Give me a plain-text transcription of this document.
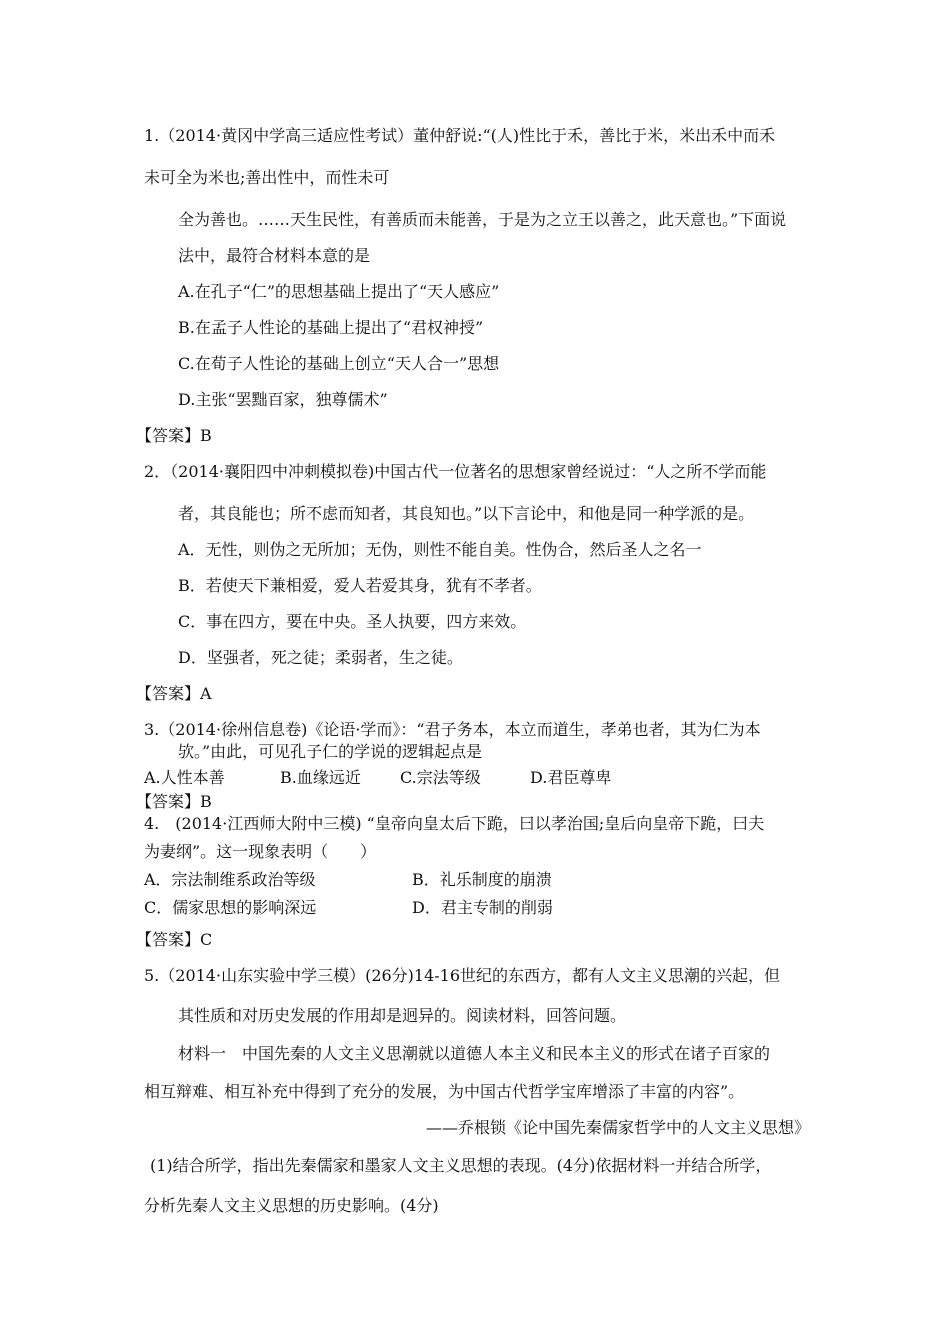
1.（2014·黄冈中学高三适应性考试）董仲舒说:“(人)性比于禾，善比于米，米出禾中而禾
未可全为米也;善出性中，而性未可
全为善也。……天生民性，有善质而未能善，于是为之立王以善之，此天意也。”下面说
法中，最符合材料本意的是
A.在孔子“仁”的思想基础上提出了“天人感应”
B.在孟子人性论的基础上提出了“君权神授”
C.在荀子人性论的基础上创立“天人合一”思想
D.主张“罢黜百家，独尊儒术”
【答案】B
2．（2014·襄阳四中冲刺模拟卷)中国古代一位著名的思想家曾经说过：“人之所不学而能
者，其良能也；所不虑而知者，其良知也。”以下言论中，和他是同一种学派的是。
A．无性，则伪之无所加；无伪，则性不能自美。性伪合，然后圣人之名一
B．若使天下兼相爱，爱人若爱其身，犹有不孝者。
C．事在四方，要在中央。圣人执要，四方来效。
D．坚强者，死之徒；柔弱者，生之徒。
【答案】A
3.（2014·徐州信息卷)《论语·学而》：“君子务本，本立而道生，孝弟也者，其为仁为本
欤。”由此，可见孔子仁的学说的逻辑起点是
A.人性本善	B.血缘远近 C.宗法等级	D.君臣尊卑
【答案】B
4.　(2014·江西师大附中三模) “皇帝向皇太后下跪，曰以孝治国;皇后向皇帝下跪，曰夫
为妻纲”。这一现象表明（　　）
A．宗法制维系政治等级	B．礼乐制度的崩溃
C．儒家思想的影响深远	D．君主专制的削弱
【答案】C
5.（2014·山东实验中学三模）(26分)14-16世纪的东西方，都有人文主义思潮的兴起，但
其性质和对历史发展的作用却是迥异的。阅读材料，回答问题。
材料一　中国先秦的人文主义思潮就以道德人本主义和民本主义的形式在诸子百家的
相互辩难、相互补充中得到了充分的发展，为中国古代哲学宝库增添了丰富的内容”。
——乔根锁《论中国先秦儒家哲学中的人文主义思想》
(1)结合所学，指出先秦儒家和墨家人文主义思想的表现。(4分)依据材料一并结合所学，
分析先秦人文主义思想的历史影响。(4分)
